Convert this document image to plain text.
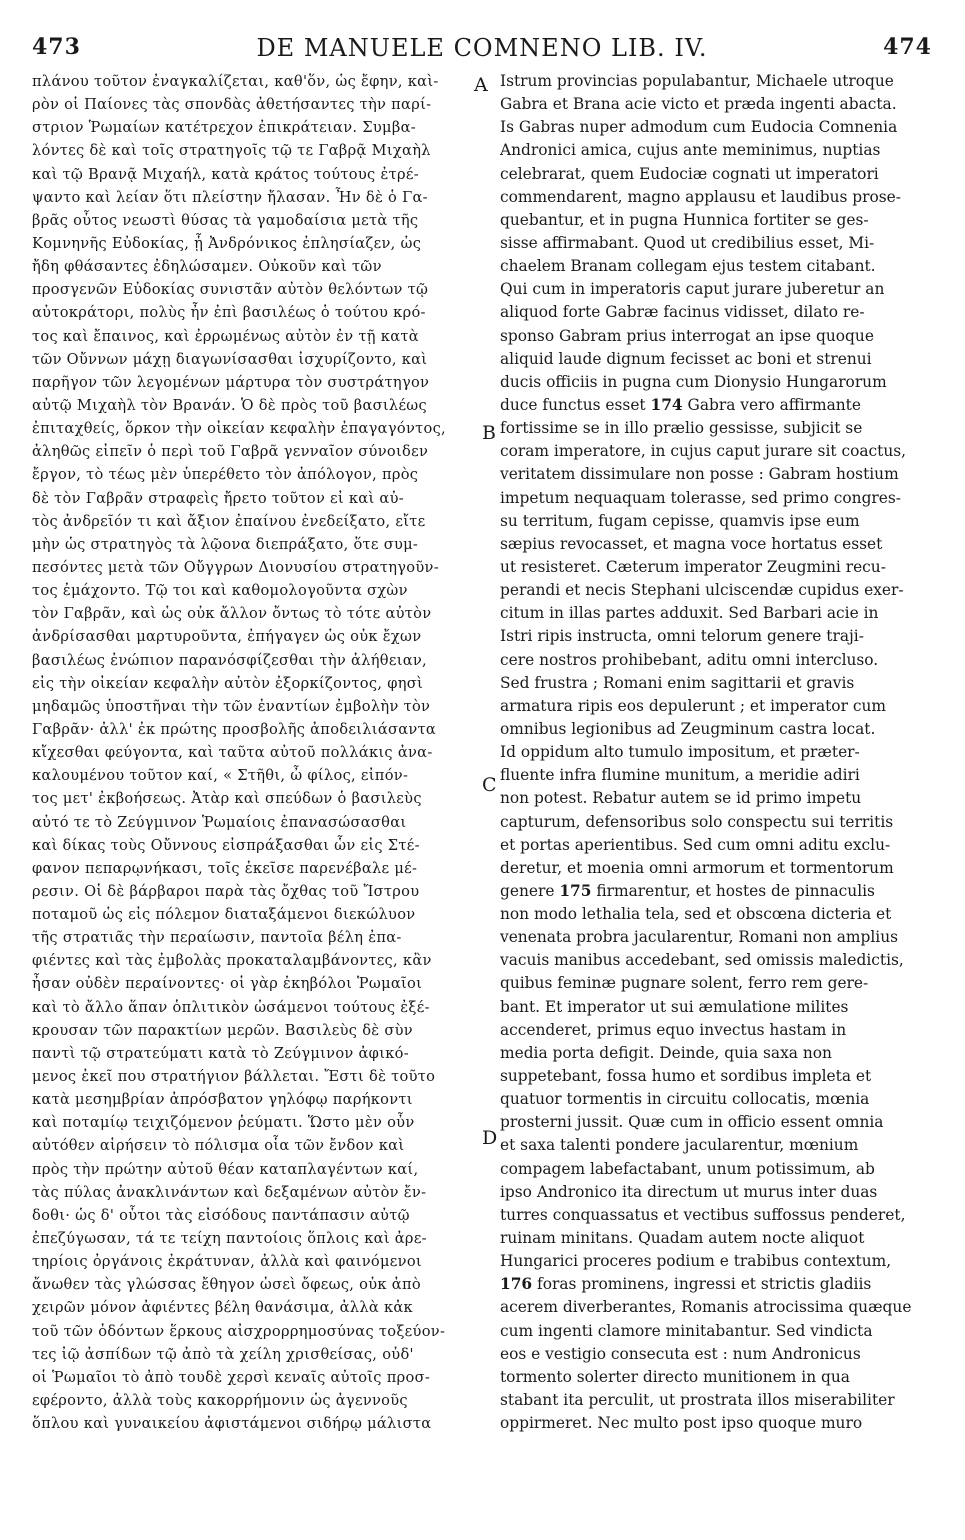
473	DE MANUELE COMNENO LIB. IV.	474
πλάνου τοῦτον ἐναγκαλίζεται, καθ'ὅν, ὡς ἔφην, καὶ-
ρὸν οἱ Παίονες τὰς σπονδὰς ἀθετήσαντες τὴν παρί-
στριον Ῥωμαίων κατέτρεχον ἐπικράτειαν. Συμβα-
λόντες δὲ καὶ τοῖς στρατηγοῖς τῷ τε Γαβρᾷ Μιχαὴλ
καὶ τῷ Βρανᾷ Μιχαήλ, κατὰ κράτος τούτους ἐτρέ-
ψαντο καὶ λείαν ὅτι πλείστην ἤλασαν. Ἦν δὲ ὁ Γα-
βρᾶς οὗτος νεωστὶ θύσας τὰ γαμοδαίσια μετὰ τῆς
Κομνηνῆς Εὐδοκίας, ᾗ Ἀνδρόνικος ἐπλησίαζεν, ὡς
ἤδη φθάσαντες ἐδηλώσαμεν. Οὐκοῦν καὶ τῶν
προσγενῶν Εὐδοκίας συνιστᾶν αὐτὸν θελόντων τῷ
αὐτοκράτορι, πολὺς ἦν ἐπὶ βασιλέως ὁ τούτου κρό-
τος καὶ ἔπαινος, καὶ ἐρρωμένως αὐτὸν ἐν τῇ κατὰ
τῶν Οὔννων μάχῃ διαγωνίσασθαι ἰσχυρίζοντο, καὶ
παρῆγον τῶν λεγομένων μάρτυρα τὸν συστράτηγον
αὐτῷ Μιχαὴλ τὸν Βρανάν. Ὁ δὲ πρὸς τοῦ βασιλέως
ἐπιταχθείς, ὅρκον τὴν οἰκείαν κεφαλὴν ἐπαγαγόντος,
ἀληθῶς εἰπεῖν ὁ περὶ τοῦ Γαβρᾶ γενναῖον σύνοιδεν
ἔργον, τὸ τέως μὲν ὑπερέθετο τὸν ἀπόλογον, πρὸς
δὲ τὸν Γαβρᾶν στραφεὶς ἤρετο τοῦτον εἰ καὶ αὐ-
τὸς ἀνδρεῖόν τι καὶ ἄξιον ἐπαίνου ἐνεδείξατο, εἴτε
μὴν ὡς στρατηγὸς τὰ λῷονα διεπράξατο, ὅτε συμ-
πεσόντες μετὰ τῶν Οὔγγρων Διονυσίου στρατηγοῦν-
τος ἐμάχοντο. Τῷ τοι καὶ καθομολογοῦντα σχὼν
τὸν Γαβρᾶν, καὶ ὡς οὐκ ἄλλον ὄντως τὸ τότε αὐτὸν
ἀνδρίσασθαι μαρτυροῦντα, ἐπήγαγεν ὡς οὐκ ἔχων
βασιλέως ἐνώπιον παρανόσφίζεσθαι τὴν ἀλήθειαν,
εἰς τὴν οἰκείαν κεφαλὴν αὐτὸν ἐξορκίζοντος, φησὶ
μηδαμῶς ὑποστῆναι τὴν τῶν ἐναντίων ἐμβολὴν τὸν
Γαβρᾶν· ἀλλ' ἐκ πρώτης προσβολῆς ἀποδειλιάσαντα
κἴχεσθαι φεύγοντα, καὶ ταῦτα αὐτοῦ πολλάκις ἀνα-
καλουμένου τοῦτον καί, « Στῆθι, ὦ φίλος, εἰπόν-
τος μετ' ἐκβοήσεως. Ἀτὰρ καὶ σπεύδων ὁ βασιλεὺς
αὐτό τε τὸ Ζεύγμινον Ῥωμαίοις ἐπανασώσασθαι
καὶ δίκας τοὺς Οὔννους εἰσπράξασθαι ὧν εἰς Στέ-
φανον πεπαρῳνήκασι, τοῖς ἐκεῖσε παρενέβαλε μέ-
ρεσιν. Οἱ δὲ βάρβαροι παρὰ τὰς ὄχθας τοῦ Ἴστρου
ποταμοῦ ὡς εἰς πόλεμον διαταξάμενοι διεκώλυον
τῆς στρατιᾶς τὴν περαίωσιν, παντοῖα βέλη ἐπα-
φιέντες καὶ τὰς ἐμβολὰς προκαταλαμβάνοντες, κἂν
ἦσαν οὐδὲν περαίνοντες· οἱ γὰρ ἐκηβόλοι Ῥωμαῖοι
καὶ τὸ ἄλλο ἅπαν ὁπλιτικὸν ὠσάμενοι τούτους ἐξέ-
κρουσαν τῶν παρακτίων μερῶν. Βασιλεὺς δὲ σὺν
παντὶ τῷ στρατεύματι κατὰ τὸ Ζεύγμινον ἀφικό-
μενος ἐκεῖ που στρατήγιον βάλλεται. Ἔστι δὲ τοῦτο
κατὰ μεσημβρίαν ἀπρόσβατον γηλόφῳ παρήκοντι
καὶ ποταμίῳ τειχιζόμενον ῥεύματι. Ὥστο μὲν οὖν
αὐτόθεν αἱρήσειν τὸ πόλισμα οἷα τῶν ἔνδον καὶ
πρὸς τὴν πρώτην αὐτοῦ θέαν καταπλαγέντων καί,
τὰς πύλας ἀνακλινάντων καὶ δεξαμένων αὐτὸν ἔν-
δοθι· ὡς δ' οὗτοι τὰς εἰσόδους παντάπασιν αὐτῷ
ἐπεζύγωσαν, τά τε τείχη παντοίοις ὅπλοις καὶ ἀρε-
τηρίοις ὀργάνοις ἐκράτυναν, ἀλλὰ καὶ φαινόμενοι
ἄνωθεν τὰς γλώσσας ἔθηγον ὡσεὶ ὄφεως, οὐκ ἀπὸ
χειρῶν μόνον ἀφιέντες βέλη θανάσιμα, ἀλλὰ κἀκ
τοῦ τῶν ὀδόντων ἕρκους αἰσχρορρημοσύνας τοξεύον-
τες ἰῷ ἀσπίδων τῷ ἀπὸ τὰ χείλη χρισθείσας, οὐδ'
οἱ Ῥωμαῖοι τὸ ἀπὸ τουδὲ χερσὶ κεναῖς αὐτοῖς προσ-
εφέροντο, ἀλλὰ τοὺς κακορρήμονιν ὡς ἀγεννοῦς
ὅπλου καὶ γυναικείου ἀφιστάμενοι σιδήρῳ μάλιστα
A
B
C
D
Istrum provincias populabantur, Michaele utroque
Gabra et Brana acie victo et præda ingenti abacta.
Is Gabras nuper admodum cum Eudocia Comnenia
Andronici amica, cujus ante meminimus, nuptias
celebrarat, quem Eudociæ cognati ut imperatori
commendarent, magno applausu et laudibus prose-
quebantur, et in pugna Hunnica fortiter se ges-
sisse affirmabant. Quod ut credibilius esset, Mi-
chaelem Branam collegam ejus testem citabant.
Qui cum in imperatoris caput jurare juberetur an
aliquod forte Gabræ facinus vidisset, dilato re-
sponso Gabram prius interrogat an ipse quoque
aliquid laude dignum fecisset ac boni et strenui
ducis officiis in pugna cum Dionysio Hungarorum
duce functus esset 174 Gabra vero affirmante
fortissime se in illo prælio gessisse, subjicit se
coram imperatore, in cujus caput jurare sit coactus,
veritatem dissimulare non posse : Gabram hostium
impetum nequaquam tolerasse, sed primo congres-
su territum, fugam cepisse, quamvis ipse eum
sæpius revocasset, et magna voce hortatus esset
ut resisteret. Cæterum imperator Zeugmini recu-
perandi et necis Stephani ulciscendæ cupidus exer-
citum in illas partes adduxit. Sed Barbari acie in
Istri ripis instructa, omni telorum genere traji-
cere nostros prohibebant, aditu omni intercluso.
Sed frustra ; Romani enim sagittarii et gravis
armatura ripis eos depulerunt ; et imperator cum
omnibus legionibus ad Zeugminum castra locat.
Id oppidum alto tumulo impositum, et præter-
fluente infra flumine munitum, a meridie adiri
non potest. Rebatur autem se id primo impetu
capturum, defensoribus solo conspectu sui territis
et portas aperientibus. Sed cum omni aditu exclu-
deretur, et moenia omni armorum et tormentorum
genere 175 firmarentur, et hostes de pinnaculis
non modo lethalia tela, sed et obscœna dicteria et
venenata probra jacularentur, Romani non amplius
vacuis manibus accedebant, sed omissis maledictis,
quibus feminæ pugnare solent, ferro rem gere-
bant. Et imperator ut sui æmulatione milites
accenderet, primus equo invectus hastam in
media porta defigit. Deinde, quia saxa non
suppetebant, fossa humo et sordibus impleta et
quatuor tormentis in circuitu collocatis, mœnia
prosterni jussit. Quæ cum in officio essent omnia
et saxa talenti pondere jacularentur, mœnium
compagem labefactabant, unum potissimum, ab
ipso Andronico ita directum ut murus inter duas
turres conquassatus et vectibus suffossus penderet,
ruinam minitans. Quadam autem nocte aliquot
Hungarici proceres podium e trabibus contextum,
176 foras prominens, ingressi et strictis gladiis
acerem diverberantes, Romanis atrocissima quæque
cum ingenti clamore minitabantur. Sed vindicta
eos e vestigio consecuta est : num Andronicus
tormento solerter directo munitionem in qua
stabant ita perculit, ut prostrata illos miserabiliter
oppirmeret. Nec multo post ipso quoque muro
